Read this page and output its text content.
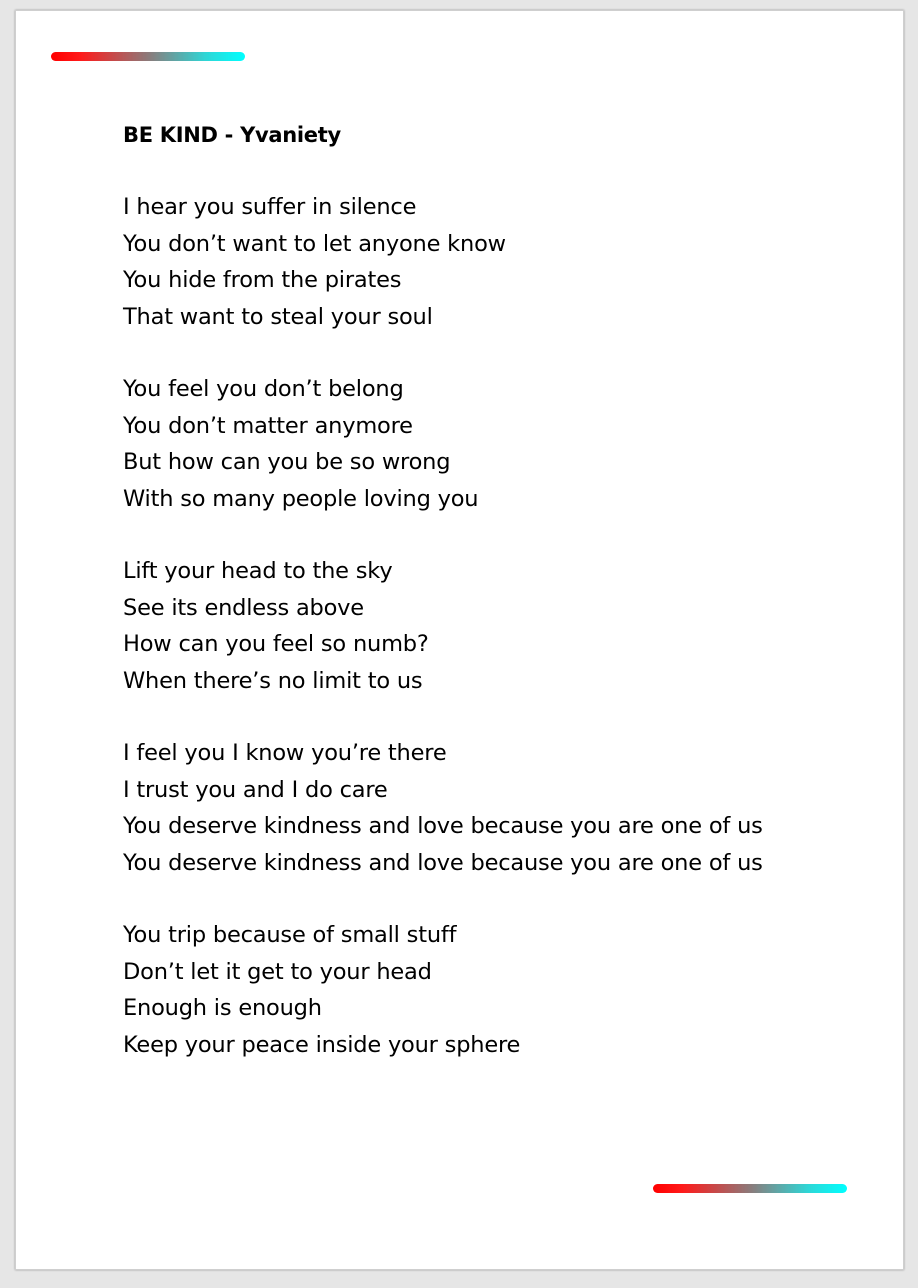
BE KIND - Yvaniety
I hear you suffer in silence
You don’t want to let anyone know
You hide from the pirates
That want to steal your soul
You feel you don’t belong
You don’t matter anymore
But how can you be so wrong
With so many people loving you
Lift your head to the sky
See its endless above
How can you feel so numb?
When there’s no limit to us
I feel you I know you’re there
I trust you and I do care
You deserve kindness and love because you are one of us
You deserve kindness and love because you are one of us
You trip because of small stuff
Don’t let it get to your head
Enough is enough
Keep your peace inside your sphere
